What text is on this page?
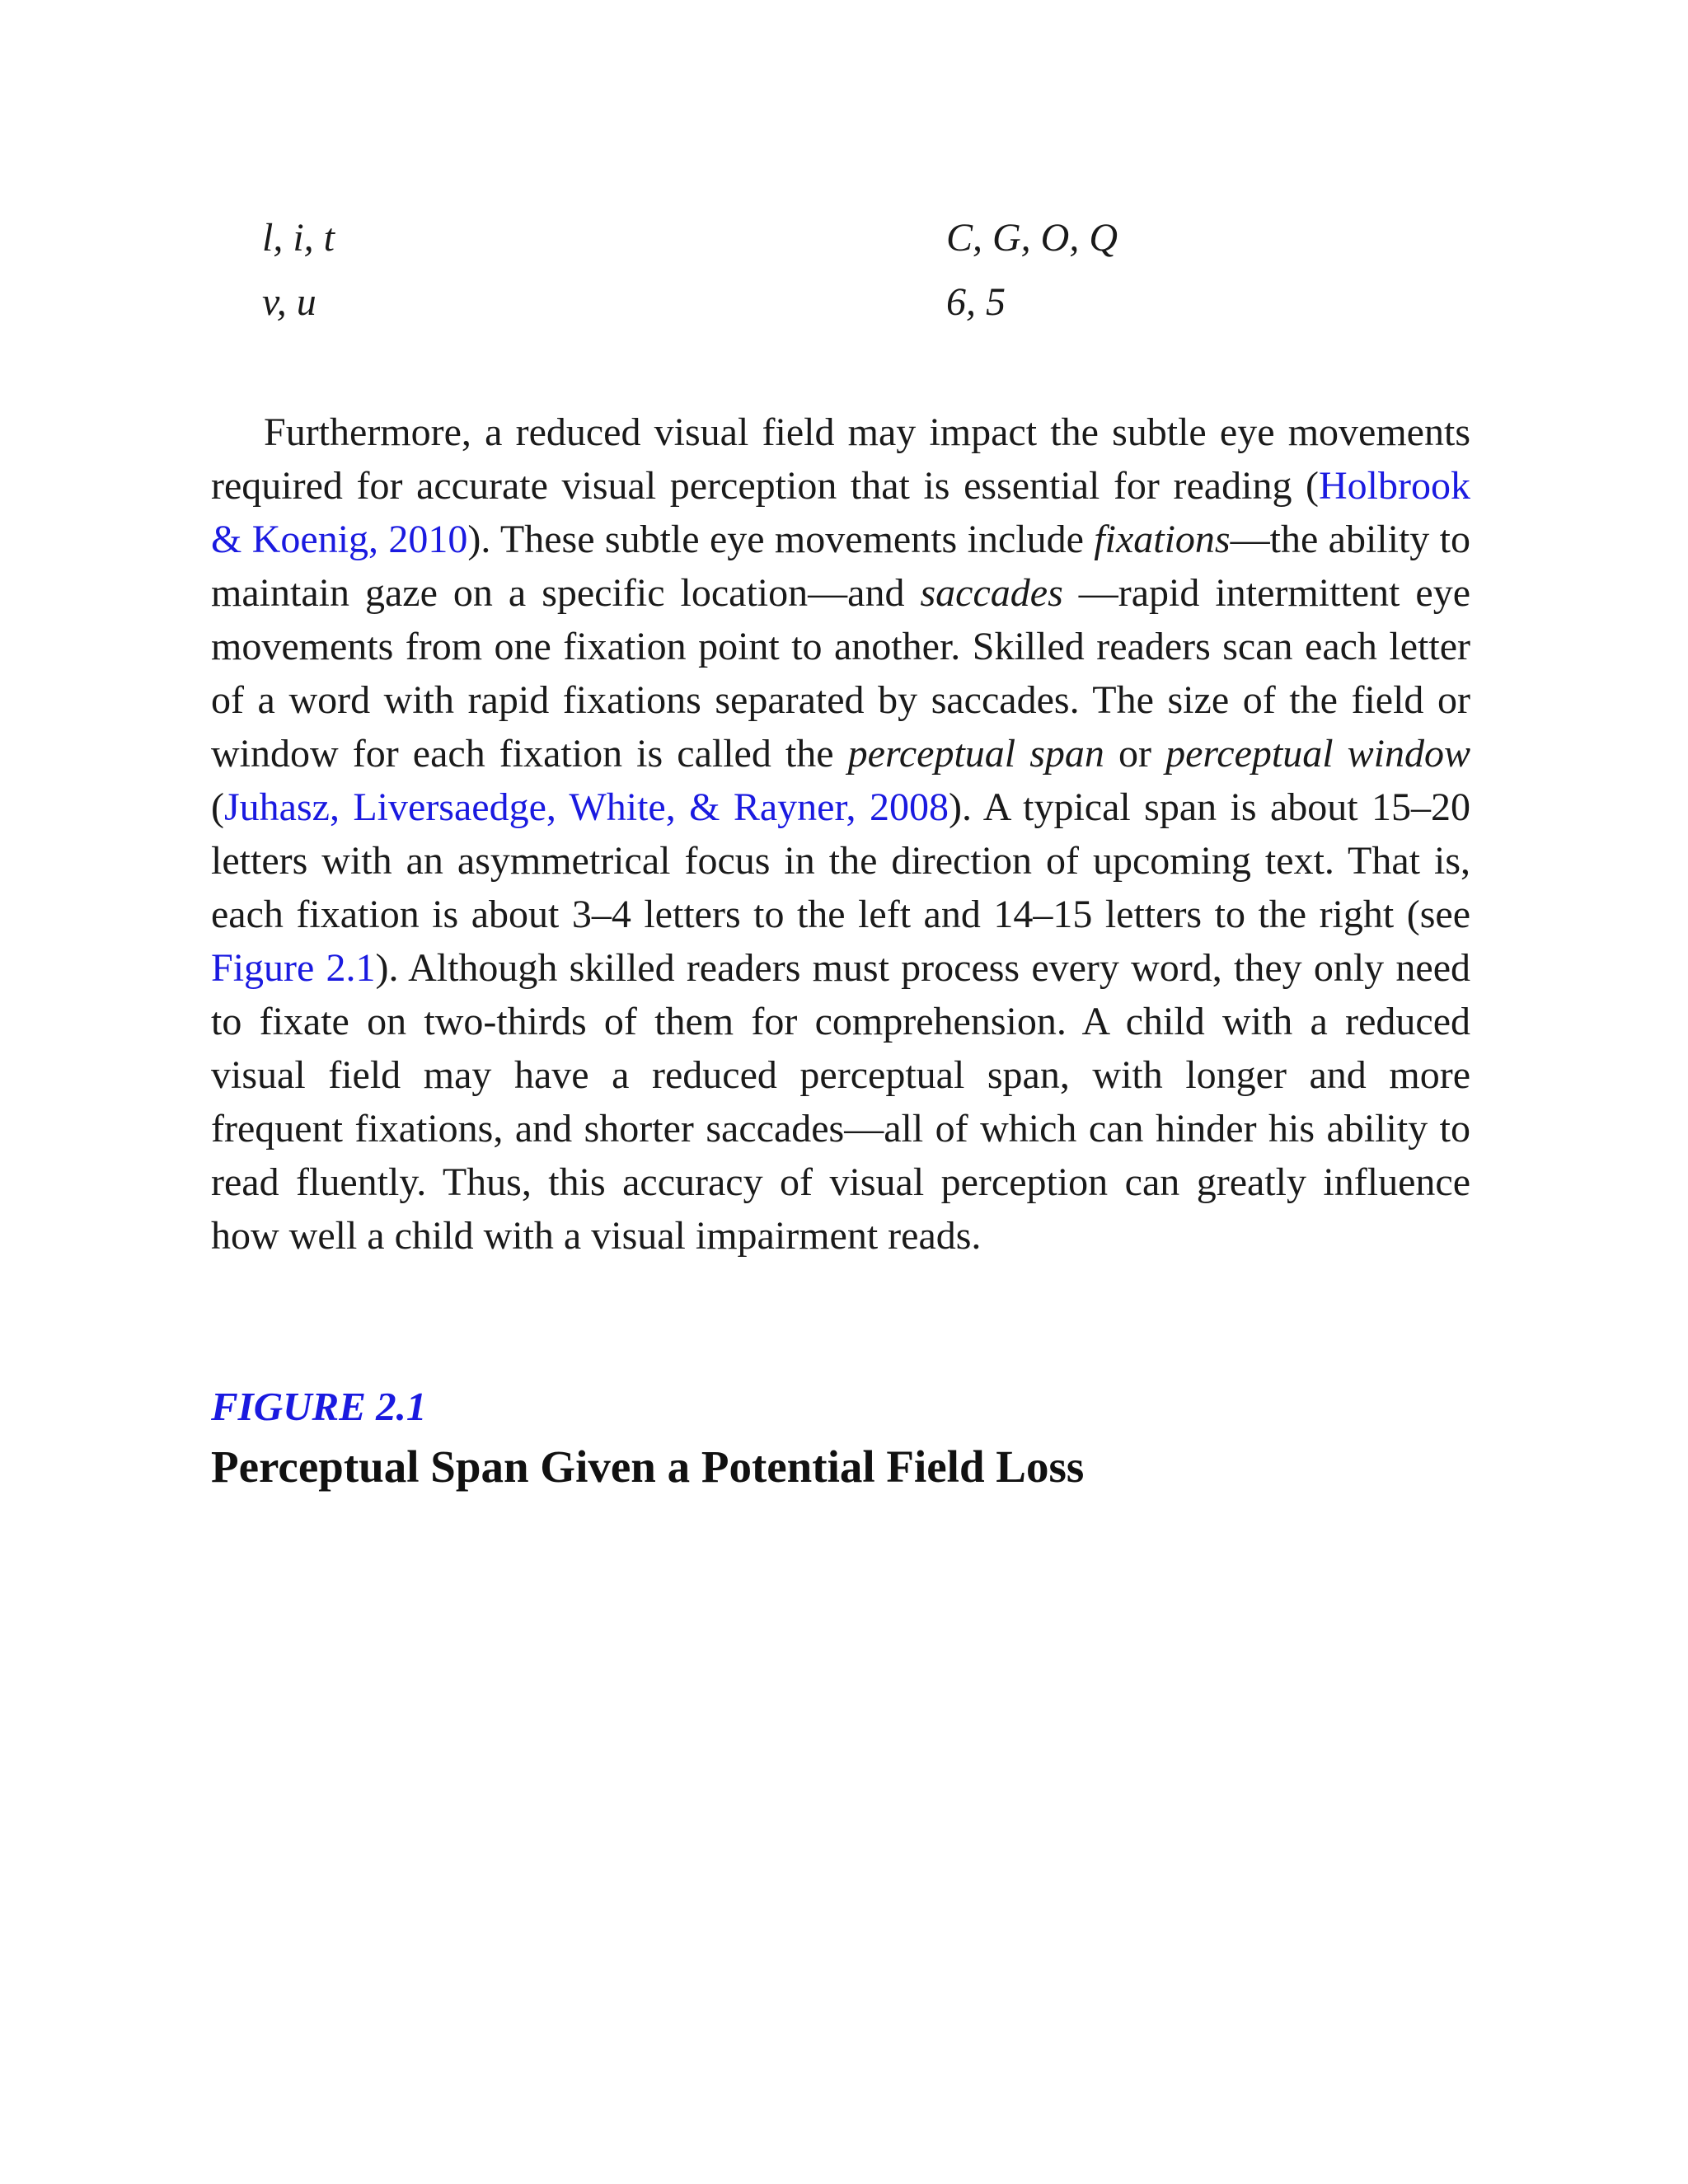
l, i, t	C, G, O, Q
v, u	6, 5

Furthermore, a reduced visual field may impact the subtle eye movements required for accurate visual perception that is essential for reading (Holbrook & Koenig, 2010). These subtle eye movements include fixations—the ability to maintain gaze on a specific location—and saccades —rapid intermittent eye movements from one fixation point to another. Skilled readers scan each letter of a word with rapid fixations separated by saccades. The size of the field or window for each fixation is called the perceptual span or perceptual window (Juhasz, Liversaedge, White, & Rayner, 2008). A typical span is about 15–20 letters with an asymmetrical focus in the direction of upcoming text. That is, each fixation is about 3–4 letters to the left and 14–15 letters to the right (see Figure 2.1). Although skilled readers must process every word, they only need to fixate on two-thirds of them for comprehension. A child with a reduced visual field may have a reduced perceptual span, with longer and more frequent fixations, and shorter saccades—all of which can hinder his ability to read fluently. Thus, this accuracy of visual perception can greatly influence how well a child with a visual impairment reads.

FIGURE 2.1
Perceptual Span Given a Potential Field Loss
